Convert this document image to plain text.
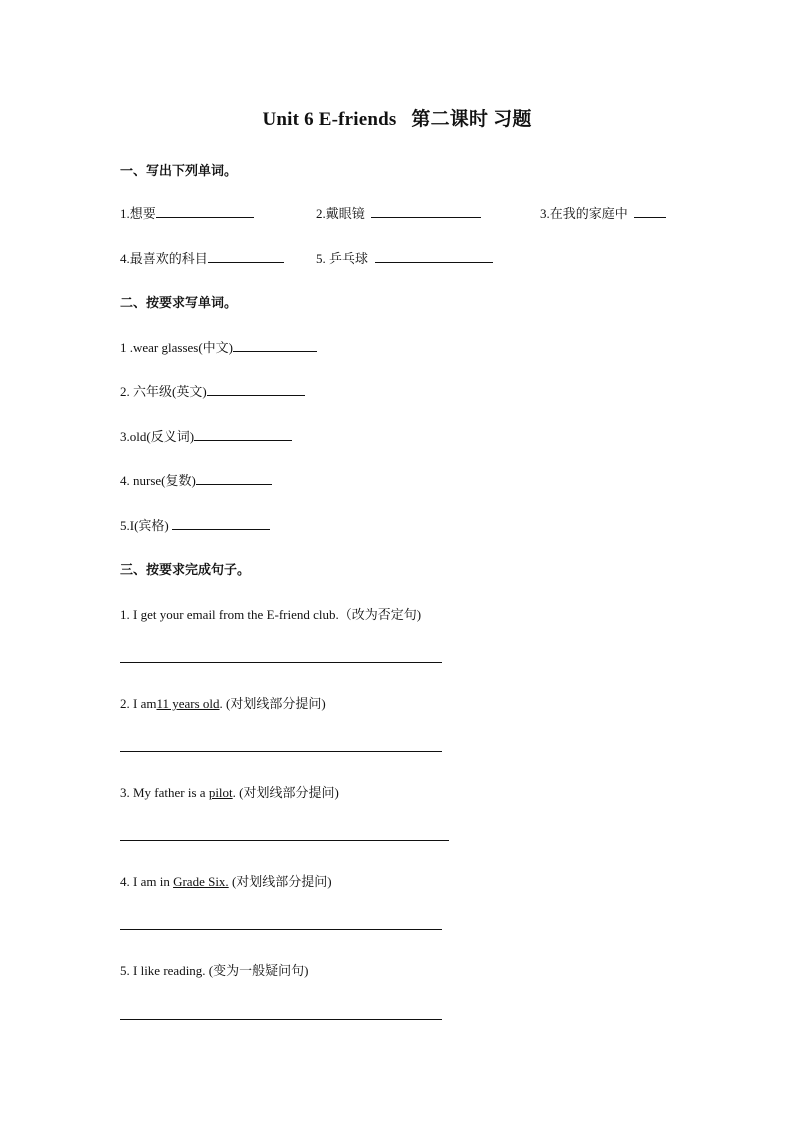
Unit 6 E-friends 第二课时 习题
一、写出下列单词。
1.想要	2.戴眼镜	3.在我的家庭中
4.最喜欢的科目	5. 乒乓球
二、按要求写单词。
1 .wear glasses(中文)
2. 六年级(英文)
3.old(反义词)
4. nurse(复数)
5.I(宾格)
三、按要求完成句子。
1. I get your email from the E-friend club.（改为否定句)
2. I am11 years old. (对划线部分提问)
3. My father is a pilot. (对划线部分提问)
4. I am in Grade Six. (对划线部分提问)
5. I like reading. (变为一般疑问句)
